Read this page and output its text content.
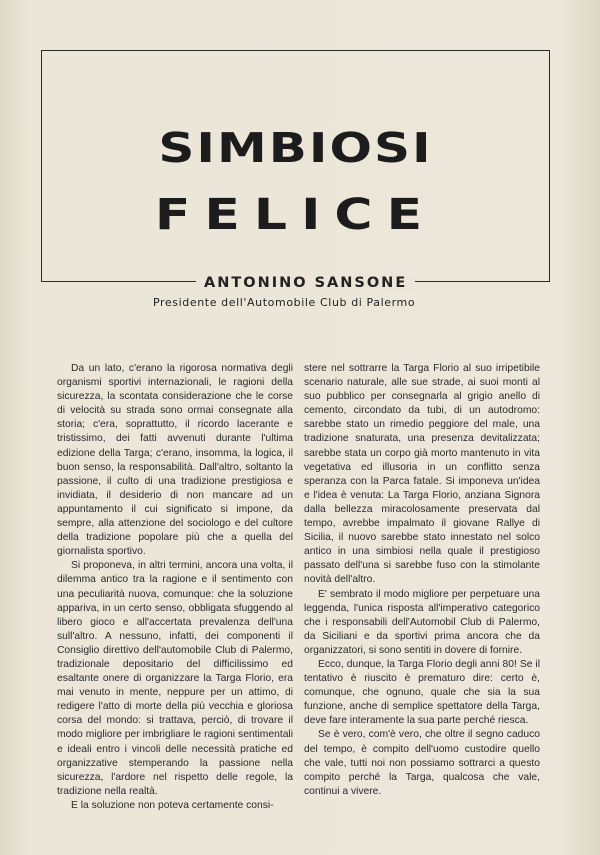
SIMBIOSI
FELICE
ANTONINO SANSONE
Presidente dell'Automobile Club di Palermo

Da un lato, c'erano la rigorosa normativa degli organismi sportivi internazionali, le ragioni della sicurezza, la scontata considerazione che le corse di velocità su strada sono ormai consegnate alla storia; c'era, soprattutto, il ricordo lacerante e tristissimo, dei fatti avvenuti durante l'ultima edizione della Targa; c'erano, insomma, la logica, il buon senso, la responsabilità. Dall'altro, soltanto la passione, il culto di una tradizione prestigiosa e invidiata, il desiderio di non mancare ad un appuntamento il cui significato si impone, da sempre, alla attenzione del sociologo e del cultore della tradizione popolare più che a quella del giornalista sportivo.

Si proponeva, in altri termini, ancora una volta, il dilemma antico tra la ragione e il sentimento con una peculiarità nuova, comunque: che la soluzione appariva, in un certo senso, obbligata sfuggendo al libero gioco e all'accertata prevalenza dell'una sull'altro. A nessuno, infatti, dei componenti il Consiglio direttivo dell'automobile Club di Palermo, tradizionale depositario del difficilissimo ed esaltante onere di organizzare la Targa Florio, era mai venuto in mente, neppure per un attimo, di redigere l'atto di morte della più vecchia e gloriosa corsa del mondo: si trattava, perciò, di trovare il modo migliore per imbrigliare le ragioni sentimentali e ideali entro i vincoli delle necessità pratiche ed organizzative stemperando la passione nella sicurezza, l'ardore nel rispetto delle regole, la tradizione nella realtà.

E la soluzione non poteva certamente consi-

stere nel sottrarre la Targa Florio al suo irripetibile scenario naturale, alle sue strade, ai suoi monti al suo pubblico per consegnarla al grigio anello di cemento, circondato da tubi, di un autodromo: sarebbe stato un rimedio peggiore del male, una tradizione snaturata, una presenza devitalizzata; sarebbe stata un corpo già morto mantenuto in vita vegetativa ed illusoria in un conflitto senza speranza con la Parca fatale. Si imponeva un'idea e l'idea è venuta: La Targa Florio, anziana Signora dalla bellezza miracolosamente preservata dal tempo, avrebbe impalmato il giovane Rallye di Sicilia, il nuovo sarebbe stato innestato nel solco antico in una simbiosi nella quale il prestigioso passato dell'una si sarebbe fuso con la stimolante novità dell'altro.

E' sembrato il modo migliore per perpetuare una leggenda, l'unica risposta all'imperativo categorico che i responsabili dell'Automobil Club di Palermo, da Siciliani e da sportivi prima ancora che da organizzatori, si sono sentiti in dovere di fornire.

Ecco, dunque, la Targa Florio degli anni 80! Se il tentativo è riuscito è prematuro dire: certo è, comunque, che ognuno, quale che sia la sua funzione, anche di semplice spettatore della Targa, deve fare interamente la sua parte perché riesca.

Se è vero, com'è vero, che oltre il segno caduco del tempo, è compito dell'uomo custodire quello che vale, tutti noi non possiamo sottrarci a questo compito perché la Targa, qualcosa che vale, continui a vivere.
